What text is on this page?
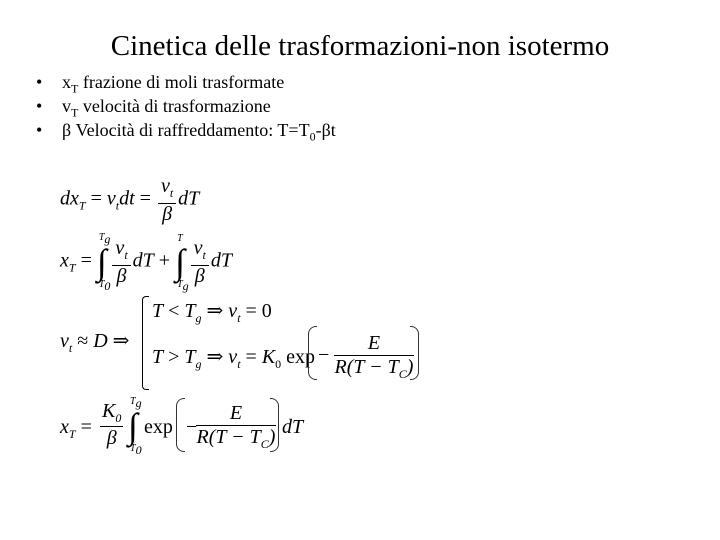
Cinetica delle trasformazioni-non isotermo
• $x_T$ frazione di moli trasformate
• $v_T$ velocità di trasformazione
• β Velocità di raffreddamento: $T=T_0-\beta t$
$dx_T = v_tdt = \frac{v_t}{\beta}$ dT
$x_T$ =
$T_g$
∫
$T_0 \frac{v_t}{\beta}$ dT +
T
∫
$T_g \frac{v_t}{\beta}$ dT
$v_t \approx D$ ⇒
$T < T_g$ ⇒ $v_t = 0$
$T > T_g$ ⇒ $v_t = K_0$ exp −
E
$R(T - T_C)$
$x_T$ =
$K_0$
β
$T_g$
∫
$T_0$
exp −
E
$R(T - T_C)$ dT
